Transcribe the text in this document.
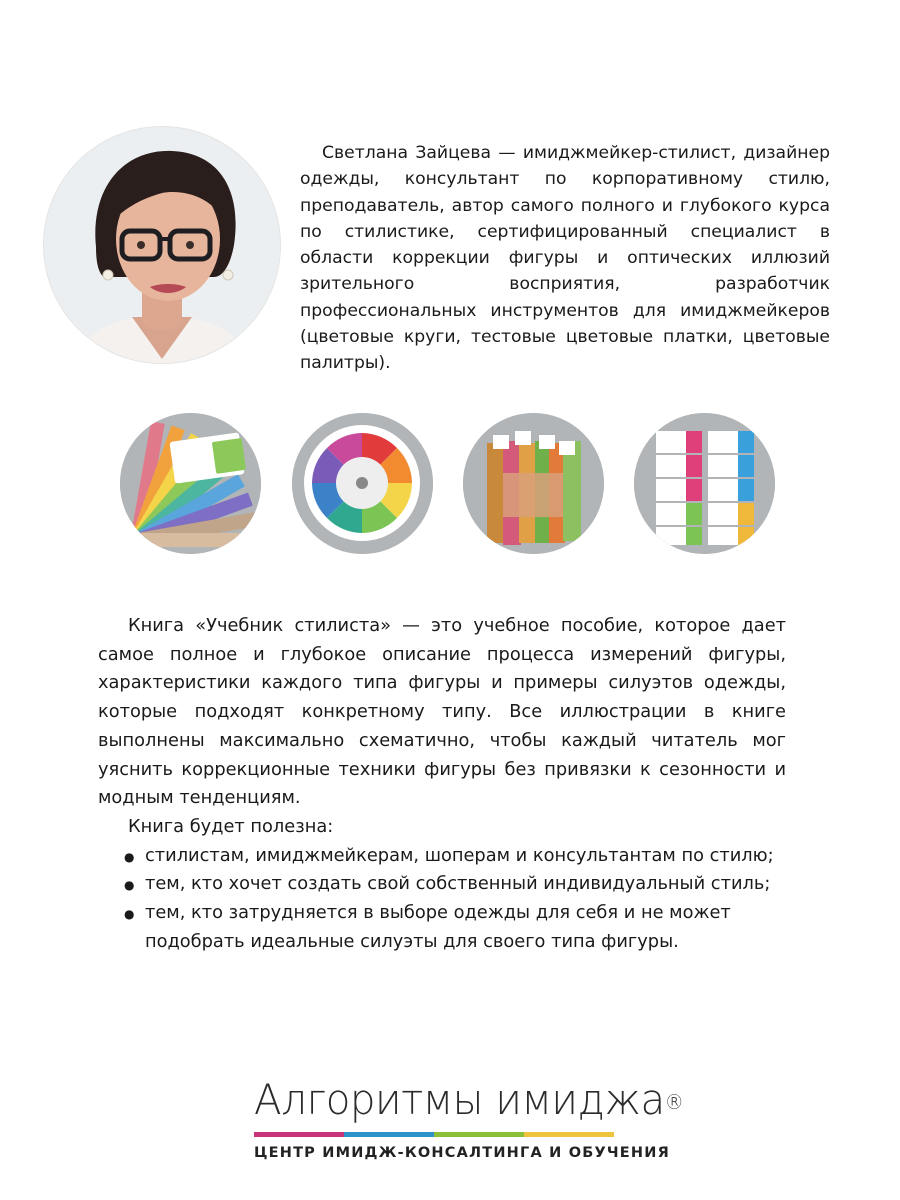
Светлана Зайцева — имиджмейкер-стилист, дизайнер одежды, консультант по корпоративному стилю, преподаватель, автор самого полного и глубокого курса по стилистике, сертифицированный специалист в области коррекции фигуры и оптических иллюзий зрительного восприятия, разработчик профессиональных инструментов для имиджмейкеров (цветовые круги, тестовые цветовые платки, цветовые палитры).

Книга «Учебник стилиста» — это учебное пособие, которое дает самое полное и глубокое описание процесса измерений фигуры, характеристики каждого типа фигуры и примеры силуэтов одежды, которые подходят конкретному типу. Все иллюстрации в книге выполнены максимально схематично, чтобы каждый читатель мог уяснить коррекционные техники фигуры без привязки к сезонности и модным тенденциям.

Книга будет полезна:

● стилистам, имиджмейкерам, шоперам и консультантам по стилю;
● тем, кто хочет создать свой собственный индивидуальный стиль;
● тем, кто затрудняется в выборе одежды для себя и не может подобрать идеальные силуэты для своего типа фигуры.
Алгоритмы имиджа®
ЦЕНТР ИМИДЖ-КОНСАЛТИНГА И ОБУЧЕНИЯ
